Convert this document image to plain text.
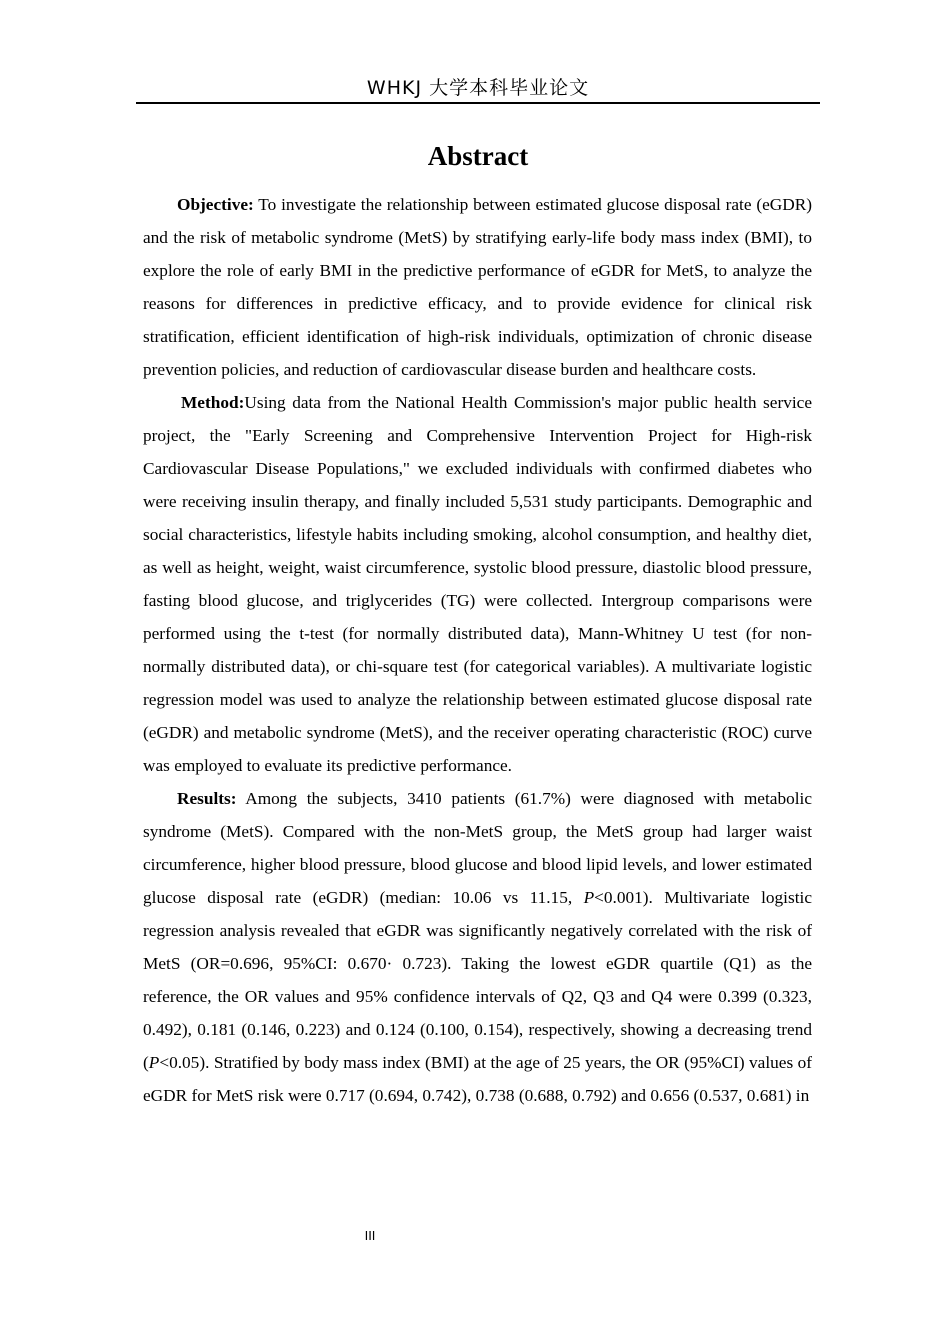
WHKJ 大学本科毕业论文
Abstract

Objective: To investigate the relationship between estimated glucose disposal rate (eGDR) and the risk of metabolic syndrome (MetS) by stratifying early-life body mass index (BMI), to explore the role of early BMI in the predictive performance of eGDR for MetS, to analyze the reasons for differences in predictive efficacy, and to provide evidence for clinical risk stratification, efficient identification of high-risk individuals, optimization of chronic disease prevention policies, and reduction of cardiovascular disease burden and healthcare costs.

Method:Using data from the National Health Commission's major public health service project, the "Early Screening and Comprehensive Intervention Project for High-risk Cardiovascular Disease Populations," we excluded individuals with confirmed diabetes who were receiving insulin therapy, and finally included 5,531 study participants. Demographic and social characteristics, lifestyle habits including smoking, alcohol consumption, and healthy diet, as well as height, weight, waist circumference, systolic blood pressure, diastolic blood pressure, fasting blood glucose, and triglycerides (TG) were collected. Intergroup comparisons were performed using the t-test (for normally distributed data), Mann-Whitney U test (for non-normally distributed data), or chi-square test (for categorical variables). A multivariate logistic regression model was used to analyze the relationship between estimated glucose disposal rate (eGDR) and metabolic syndrome (MetS), and the receiver operating characteristic (ROC) curve was employed to evaluate its predictive performance.

Results: Among the subjects, 3410 patients (61.7%) were diagnosed with metabolic syndrome (MetS). Compared with the non-MetS group, the MetS group had larger waist circumference, higher blood pressure, blood glucose and blood lipid levels, and lower estimated glucose disposal rate (eGDR) (median: 10.06 vs 11.15, P<0.001). Multivariate logistic regression analysis revealed that eGDR was significantly negatively correlated with the risk of MetS (OR=0.696, 95%CI: 0.670· 0.723). Taking the lowest eGDR quartile (Q1) as the reference, the OR values and 95% confidence intervals of Q2, Q3 and Q4 were 0.399 (0.323, 0.492), 0.181 (0.146, 0.223) and 0.124 (0.100, 0.154), respectively, showing a decreasing trend (P<0.05). Stratified by body mass index (BMI) at the age of 25 years, the OR (95%CI) values of eGDR for MetS risk were 0.717 (0.694, 0.742), 0.738 (0.688, 0.792) and 0.656 (0.537, 0.681) in

III
